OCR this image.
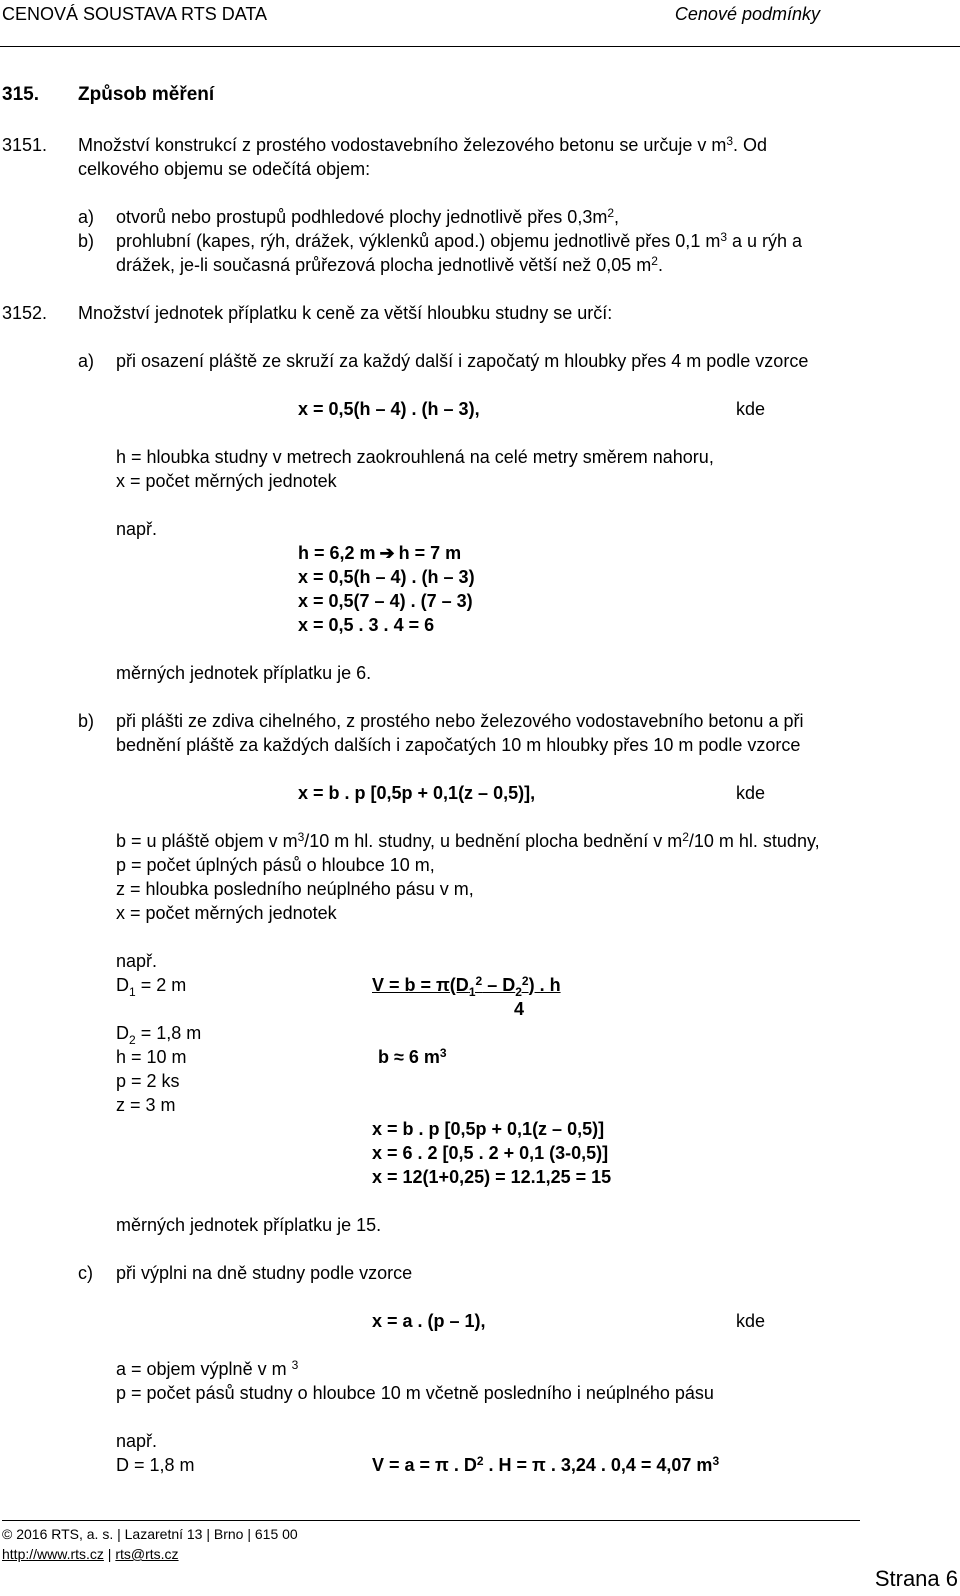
CENOVÁ SOUSTAVA RTS DATA	Cenové podmínky
315. Způsob měření
3151. Množství konstrukcí z prostého vodostavebního železového betonu se určuje v $m^3$. Od
celkového objemu se odečítá objem:
a) otvorů nebo prostupů podhledové plochy jednotlivě přes $0,3m^2$,
b) prohlubní (kapes, rýh, drážek, výklenků apod.) objemu jednotlivě přes 0,1 $m^3$ a u rýh a
drážek, je-li současná průřezová plocha jednotlivě větší než 0,05 $m^2$.
3152. Množství jednotek příplatku k ceně za větší hloubku studny se určí:
a) při osazení pláště ze skruží za každý další i započatý m hloubky přes 4 m podle vzorce
x = 0,5(h – 4) . (h – 3),	kde
h = hloubka studny v metrech zaokrouhlená na celé metry směrem nahoru,
x = počet měrných jednotek
např.
h = 6,2 m ➔ h = 7 m
x = 0,5(h – 4) . (h – 3)
x = 0,5(7 – 4) . (7 – 3)
x = 0,5 . 3 . 4 = 6
měrných jednotek příplatku je 6.
b) při plášti ze zdiva cihelného, z prostého nebo železového vodostavebního betonu a při
bednění pláště za každých dalších i započatých 10 m hloubky přes 10 m podle vzorce
x = b . p [0,5p + 0,1(z – 0,5)],	kde
b = u pláště objem v $m^3/10$ m hl. studny, u bednění plocha bednění v $m^2/10$ m hl. studny,
p = počet úplných pásů o hloubce 10 m,
z = hloubka posledního neúplného pásu v m,
x = počet měrných jednotek
např.
$D_1 = 2$ m	$V = b = \pi(D_1^2 - D_2^2)$ . h
4
$D_2 = 1,8$ m
h = 10 m	b ≈ 6 $m^3$
p = 2 ks
z = 3 m
x = b . p [0,5p + 0,1(z – 0,5)]
x = 6 . 2 [0,5 . 2 + 0,1 (3-0,5)]
x = 12(1+0,25) = 12.1,25 = 15
měrných jednotek příplatku je 15.
c) při výplni na dně studny podle vzorce
x = a . (p – 1),	kde
a = objem výplně v m $^3$
p = počet pásů studny o hloubce 10 m včetně posledního i neúplného pásu
např.
D = 1,8 m	V = a = π . $D^2$ . H = π . 3,24 . 0,4 = 4,07 $m^3$
© 2016 RTS, a. s. | Lazaretní 13 | Brno | 615 00
http://www.rts.cz | rts@rts.cz
Strana 6
